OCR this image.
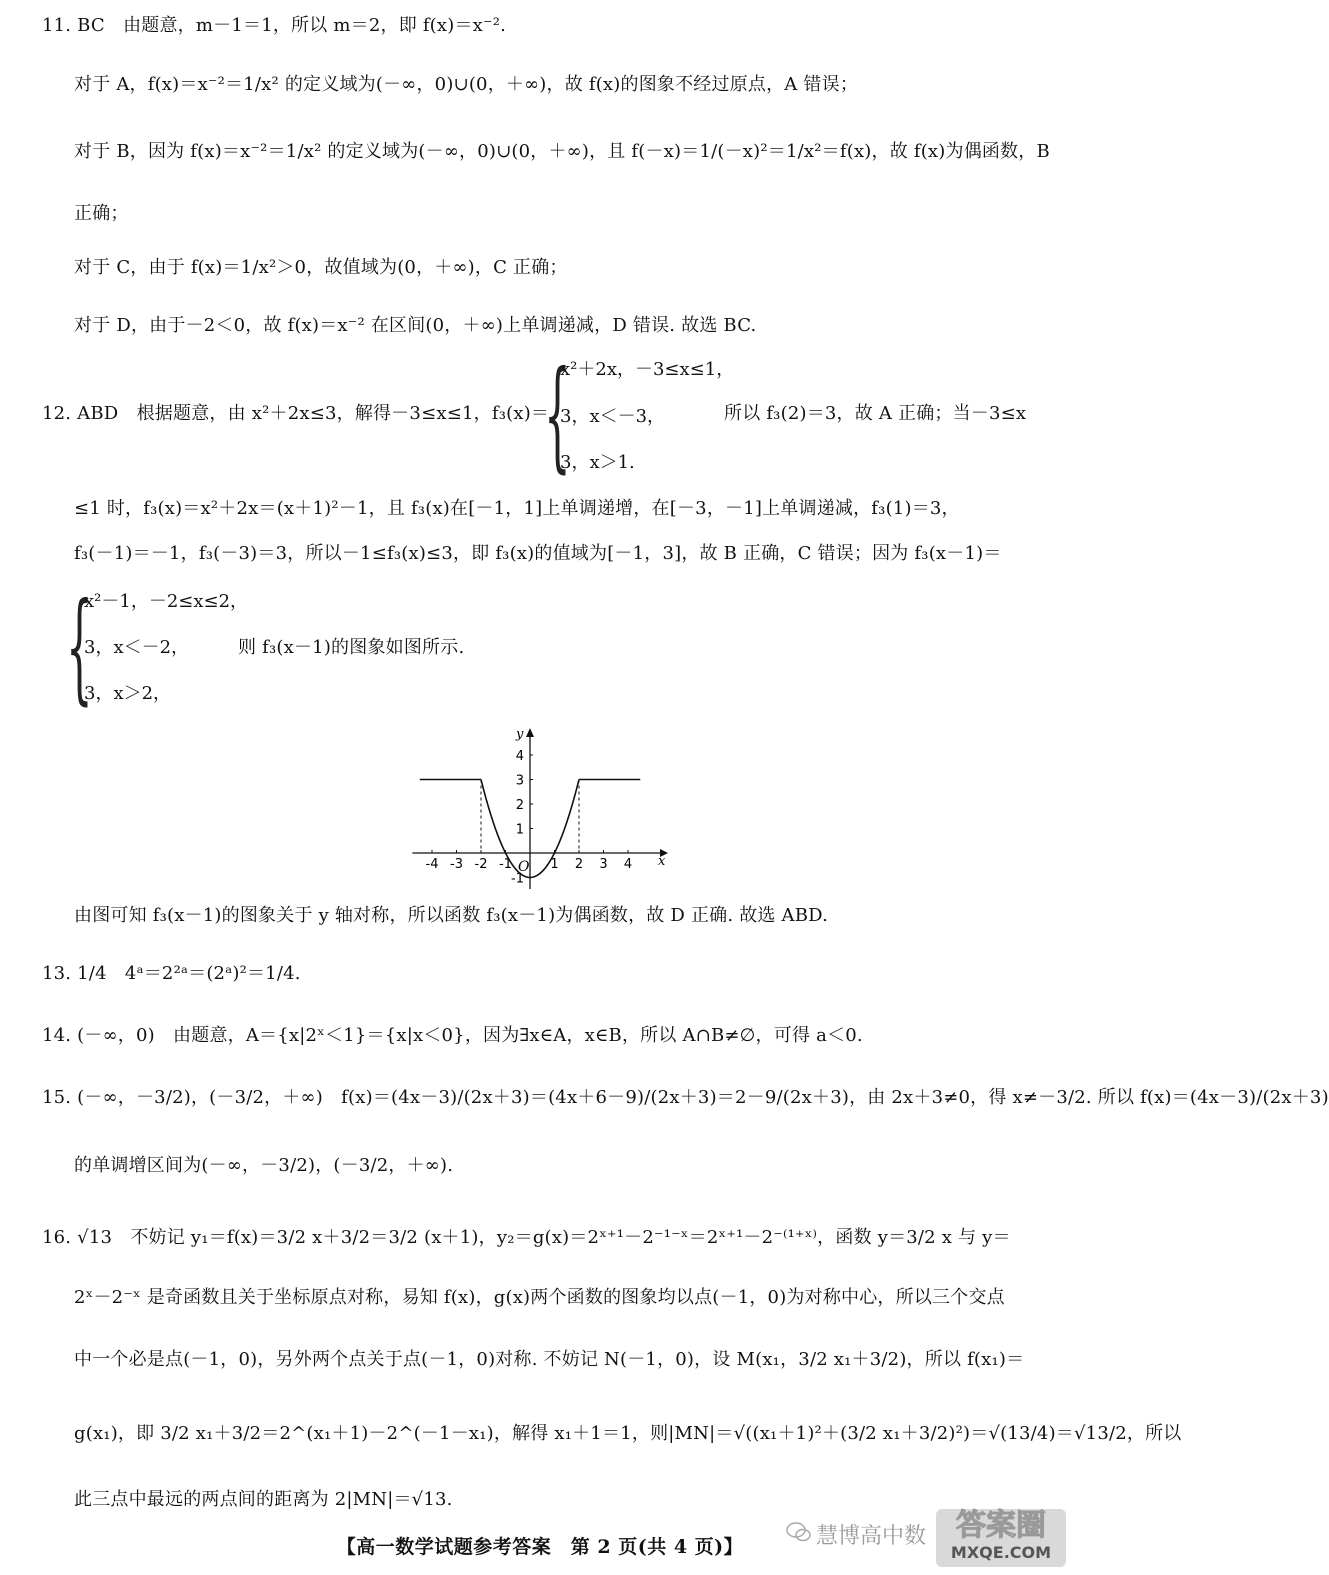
11. BC　由题意，m－1＝1，所以 m＝2，即 f(x)＝x⁻².
对于 A，f(x)＝x⁻²＝1/x² 的定义域为(－∞，0)∪(0，＋∞)，故 f(x)的图象不经过原点，A 错误；
对于 B，因为 f(x)＝x⁻²＝1/x² 的定义域为(－∞，0)∪(0，＋∞)，且 f(－x)＝1/(－x)²＝1/x²＝f(x)，故 f(x)为偶函数，B
正确；
对于 C，由于 f(x)＝1/x²＞0，故值域为(0，＋∞)，C 正确；
对于 D，由于－2＜0，故 f(x)＝x⁻² 在区间(0，＋∞)上单调递减，D 错误. 故选 BC.
12. ABD　根据题意，由 x²＋2x≤3，解得－3≤x≤1，f₃(x)＝
{
x²＋2x，－3≤x≤1，
3，x＜－3，
3，x＞1.
所以 f₃(2)＝3，故 A 正确；当－3≤x
≤1 时，f₃(x)＝x²＋2x＝(x＋1)²－1，且 f₃(x)在[－1，1]上单调递增，在[－3，－1]上单调递减，f₃(1)＝3，
f₃(－1)＝－1，f₃(－3)＝3，所以－1≤f₃(x)≤3，即 f₃(x)的值域为[－1，3]，故 B 正确，C 错误；因为 f₃(x－1)＝
{
x²－1，－2≤x≤2，
3，x＜－2，
3，x＞2，
则 f₃(x－1)的图象如图所示.
x
y
O
-4 -3 -2 -1	1 2 3 4
4
3
2
1
-1
由图可知 f₃(x－1)的图象关于 y 轴对称，所以函数 f₃(x－1)为偶函数，故 D 正确. 故选 ABD.
13. 1/4　4ᵃ＝2²ᵃ＝(2ᵃ)²＝1/4.
14. (－∞，0)　由题意，A＝{x|2ˣ＜1}＝{x|x＜0}，因为∃x∈A，x∈B，所以 A∩B≠∅，可得 a＜0.
15. (－∞，－3/2)，(－3/2，＋∞)　f(x)＝(4x－3)/(2x＋3)＝(4x＋6－9)/(2x＋3)＝2－9/(2x＋3)，由 2x＋3≠0，得 x≠－3/2. 所以 f(x)＝(4x－3)/(2x＋3)
的单调增区间为(－∞，－3/2)，(－3/2，＋∞).
16. √13　不妨记 y₁＝f(x)＝3/2 x＋3/2＝3/2 (x＋1)，y₂＝g(x)＝2ˣ⁺¹－2⁻¹⁻ˣ＝2ˣ⁺¹－2⁻⁽¹⁺ˣ⁾，函数 y＝3/2 x 与 y＝
2ˣ－2⁻ˣ 是奇函数且关于坐标原点对称，易知 f(x)，g(x)两个函数的图象均以点(－1，0)为对称中心，所以三个交点
中一个必是点(－1，0)，另外两个点关于点(－1，0)对称. 不妨记 N(－1，0)，设 M(x₁，3/2 x₁＋3/2)，所以 f(x₁)＝
g(x₁)，即 3/2 x₁＋3/2＝2^(x₁＋1)－2^(－1－x₁)，解得 x₁＋1＝1，则|MN|＝√((x₁＋1)²＋(3/2 x₁＋3/2)²)＝√(13/4)＝√13/2，所以
此三点中最远的两点间的距离为 2|MN|＝√13.
【高一数学试题参考答案　第 2 页(共 4 页)】	慧博高中数 答案圈
MXQE.COM
